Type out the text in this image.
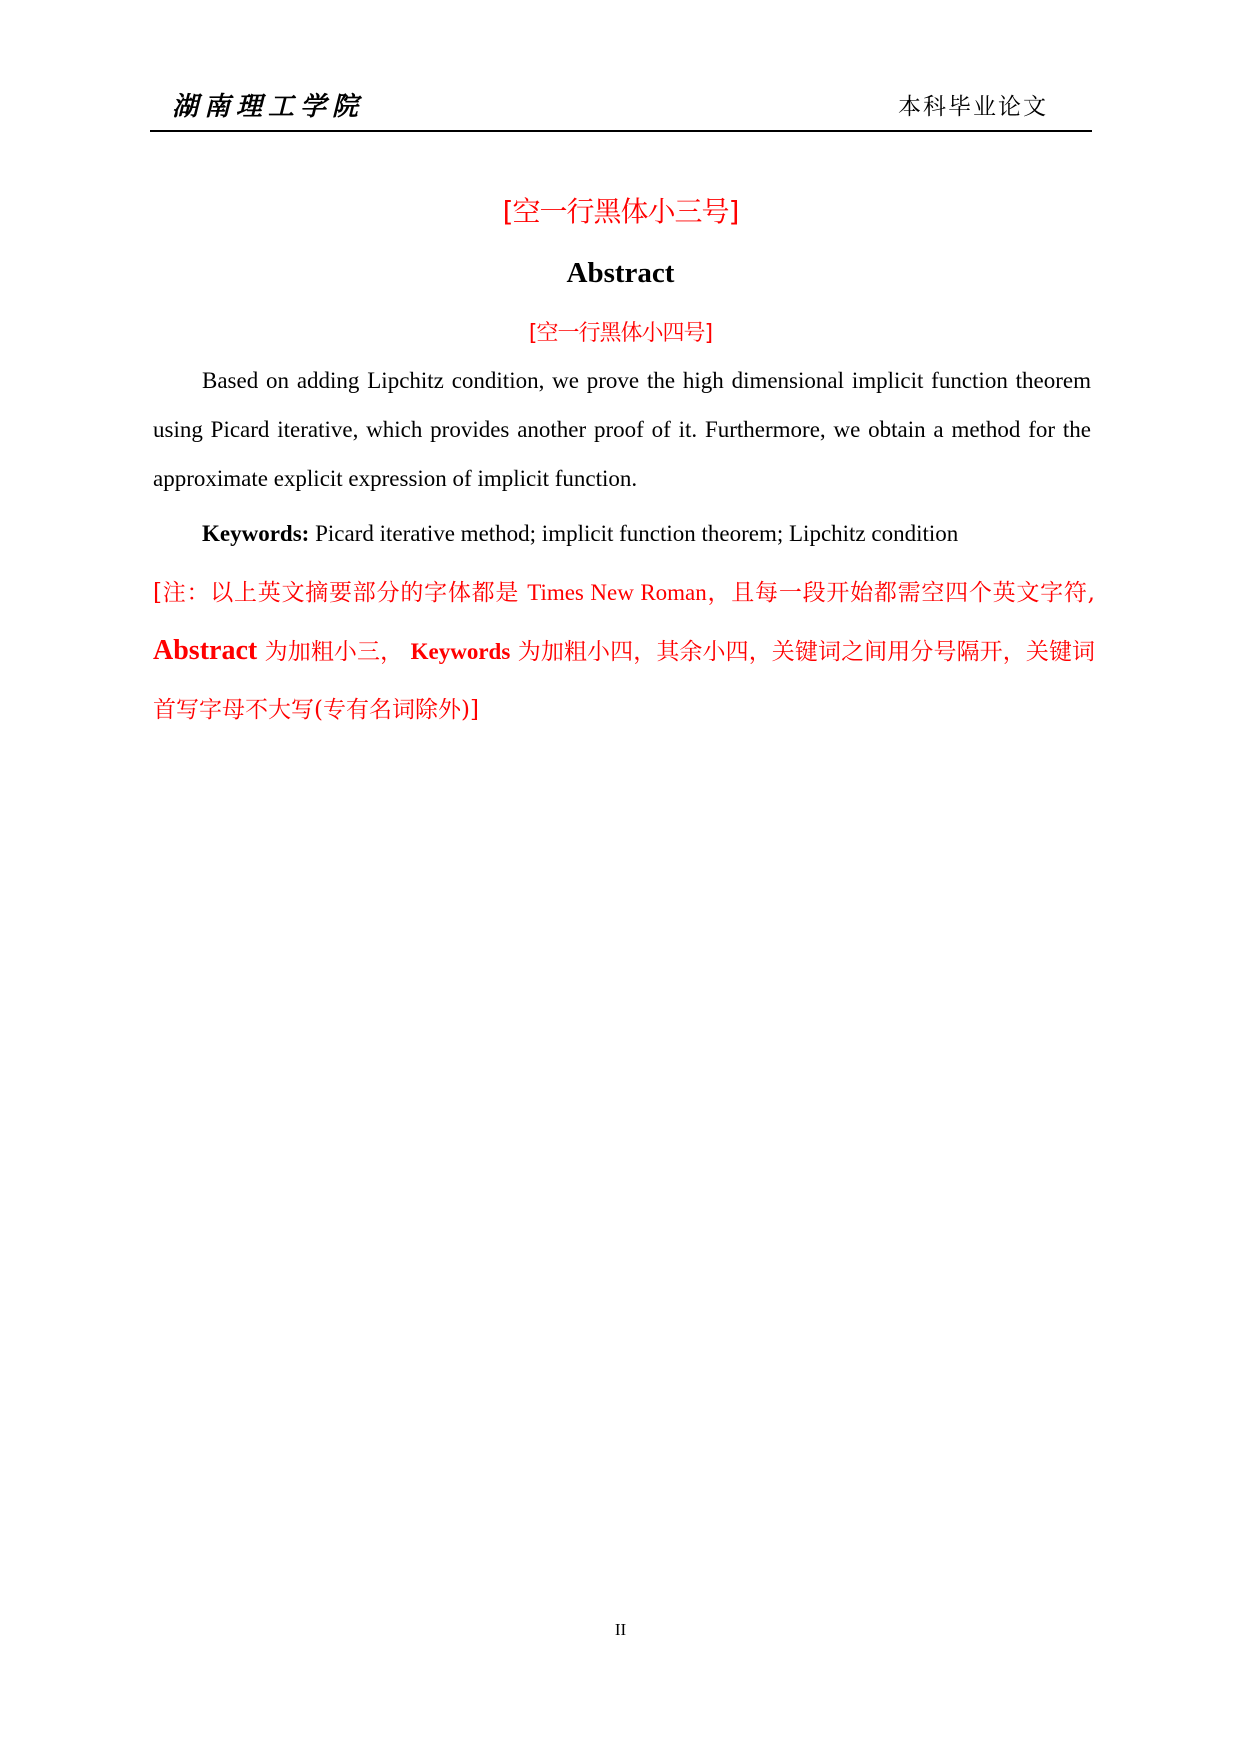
湖南理工学院	本科毕业论文
[空一行黑体小三号]
Abstract
[空一行黑体小四号]
Based on adding Lipchitz condition, we prove the high dimensional implicit function theorem using Picard iterative, which provides another proof of it. Furthermore, we obtain a method for the approximate explicit expression of implicit function.
Keywords: Picard iterative method; implicit function theorem; Lipchitz condition
[注：以上英文摘要部分的字体都是 Times New Roman，且每一段开始都需空四个英文字符, Abstract 为加粗小三， Keywords 为加粗小四，其余小四，关键词之间用分号隔开，关键词首写字母不大写(专有名词除外)]
II
